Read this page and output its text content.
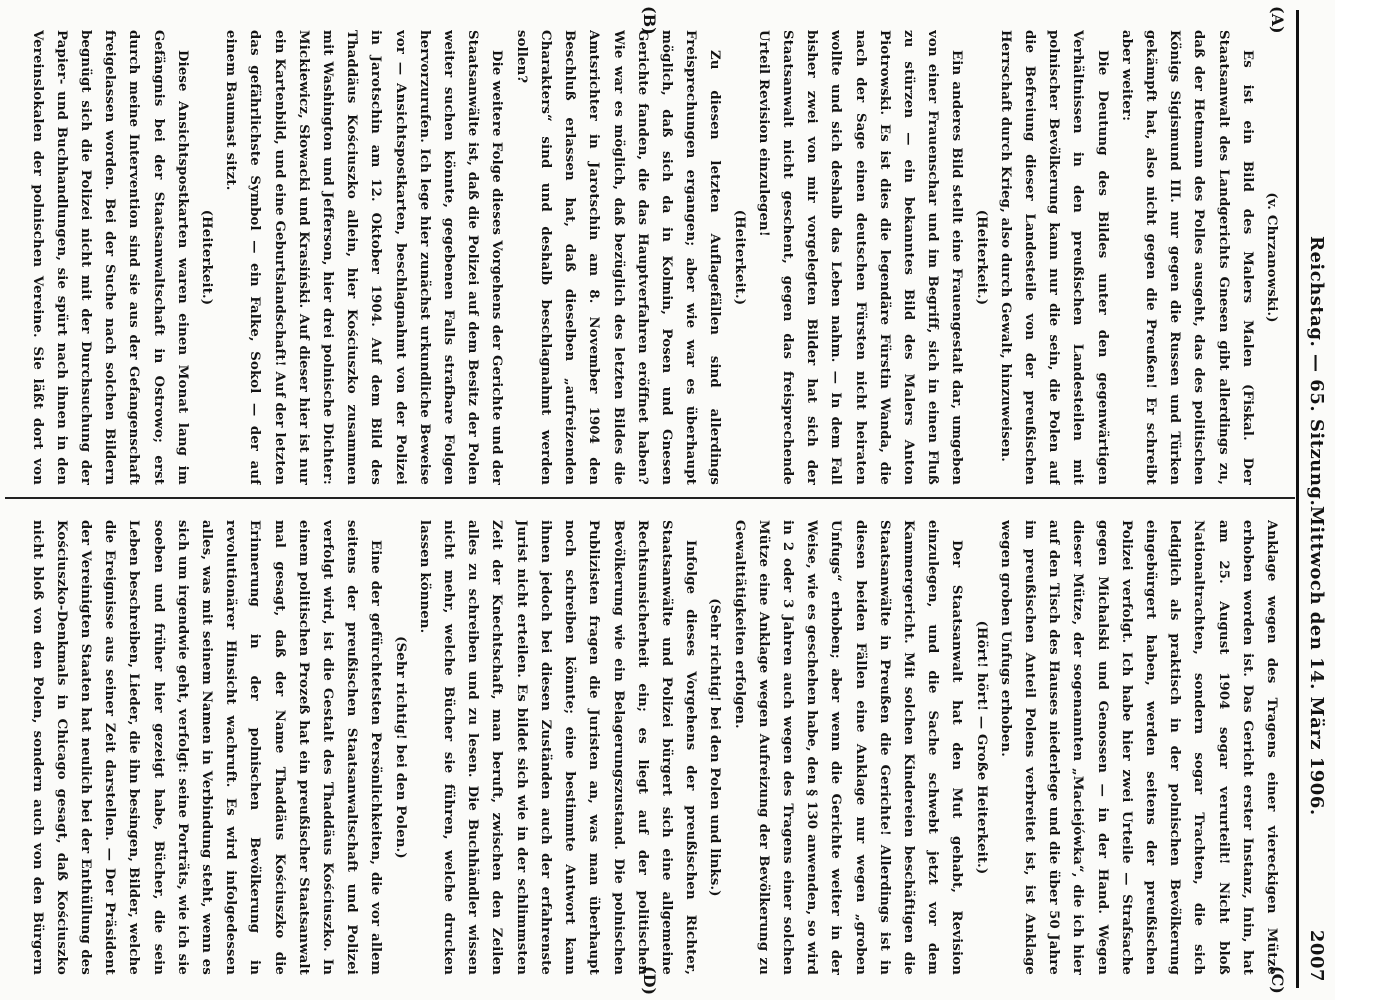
Reichstag. — 65. Sitzung.
Mittwoch den 14. März 1906.
2007
(A)
(B)
(C)
(D)

(v. Chrzanowski.)

Es ist ein Bild des Malers Malen (Fiskal. Der Staatsanwalt des Landgerichts Gnesen gibt allerdings zu, daß der Hetmann des Polles ausgeht, das des politischen Königs Sigismund III. nur gegen die Russen und Türken gekämpft hat, also nicht gegen die Preußen! Er schreibt aber weiter:

Die Deutung des Bildes unter den gegenwärtigen Verhältnissen in den preußischen Landesteilen mit polnischer Bevölkerung kann nur die sein, die Polen auf die Befreiung dieser Landesteile von der preußischen Herrschaft durch Krieg, also durch Gewalt, hinzuweisen.

(Heiterkeit.)

Ein anderes Bild stellt eine Frauengestalt dar, umgeben von einer Frauenschar und im Begriff, sich in einen Fluß zu stürzen — ein bekanntes Bild des Malers Anton Piotrowski. Es ist dies die legendäre Fürstin Wanda, die nach der Sage einen deutschen Fürsten nicht heiraten wollte und sich deshalb das Leben nahm. — In dem Fall bisher zwei von mir vorgelegten Bilder hat sich der Staatsanwalt nicht geschent, gegen das freisprechende Urteil Revision einzulegen!

(Heiterkeit.)

Zu diesen letzten Auflagefällen sind allerdings Freisprechungen ergangen; aber wie war es überhaupt möglich, daß sich da in Kolmin, Posen und Gnesen Gerichte fanden, die das Hauptverfahren eröffnet haben? Wie war es möglich, daß bezüglich des letzten Bildes die Amtsrichter in Jarotschin am 8. November 1904 den Beschluß erlassen hat, daß dieselben „aufreizenden Charakters“ sind und deshalb beschlagnahmt werden sollen?

Die weitere Folge dieses Vorgehens der Gerichte und der Staatsanwälte ist, daß die Polizei auf dem Besitz der Polen weiter suchen könnte, gegebenen Falls strafbare Folgen hervorzurufen. Ich lege hier zunächst urkundliche Beweise vor — Ansichtspostkarten, beschlagnahmt von der Polizei in Jarotschin am 12. Oktober 1904. Auf dem Bild des Thaddäus Kościuszko allein, hier Kościuszko zusammen mit Washington und Jefferson, hier drei polnische Dichter: Mickiewicz, Słowacki und Krasiński. Auf dieser hier ist nur ein Kartenbild, und eine Geburtslandschaft! Auf der letzten das gefährlichste Symbol — ein Falke, Sokol — der auf einem Baumast sitzt.

(Heiterkeit.)

Diese Ansichtspostkarten waren einen Monat lang im Gefängnis bei der Staatsanwaltschaft in Ostrowo; erst durch meine Intervention sind sie aus der Gefangenschaft freigelassen worden. Bei der Suche nach solchen Bildern begnügt sich die Polizei nicht mit der Durchsuchung der Papier- und Buchhandlungen, sie spürt nach ihnen in den Vereinslokalen der polnischen Vereine. Sie läßt dort von

Anklage wegen des Tragens einer viereckigen Mütze erhoben worden ist. Das Gericht erster Instanz, Inin, hat am 25. August 1904 sogar verurteilt! Nicht bloß Nationaltrachten, sondern sogar Trachten, die sich lediglich als praktisch in der polnischen Bevölkerung eingebürgert haben, werden seitens der preußischen Polizei verfolgt. Ich habe hier zwei Urteile — Strafsache gegen Michalski und Genossen — in der Hand. Wegen dieser Mütze, der sogenannten „Maciejówka“, die ich hier auf den Tisch des Hauses niederlege und die über 50 Jahre im preußischen Anteil Polens verbreitet ist, ist Anklage wegen groben Unfugs erhoben.

(Hört! hört! — Große Heiterkeit.)

Der Staatsanwalt hat den Mut gehabt, Revision einzulegen, und die Sache schwebt jetzt vor dem Kammergericht. Mit solchen Kindereien beschäftigen die Staatsanwälte in Preußen die Gerichte! Allerdings ist in diesen beiden Fällen eine Anklage nur wegen „groben Unfugs“ erhoben; aber wenn die Gerichte weiter in der Weise, wie es geschehen habe, den § 130 anwenden, so wird in 2 oder 3 Jahren auch wegen des Tragens einer solchen Mütze eine Anklage wegen Aufreizung der Bevölkerung zu Gewalttätigkeiten erfolgen.

(Sehr richtig! bei den Polen und links.)

Infolge dieses Vorgehens der preußischen Richter, Staatsanwälte und Polizei bürgert sich eine allgemeine Rechtsunsicherheit ein; es liegt auf der politischen Bevölkerung wie ein Belagerungszustand. Die polnischen Publizisten fragen die Juristen an, was man überhaupt noch schreiben könnte; eine bestimmte Antwort kann ihnen jedoch bei diesen Zuständen auch der erfahrenste Jurist nicht erteilen. Es bildet sich wie in der schlimmsten Zeit der Knechtschaft, man beruft, zwischen den Zeilen alles zu schreiben und zu lesen. Die Buchhändler wissen nicht mehr, welche Bücher sie führen, welche drucken lassen können.

(Sehr richtig! bei den Polen.)

Eine der gefürchtetsten Persönlichkeiten, die vor allem seitens der preußischen Staatsanwaltschaft und Polizei verfolgt wird, ist die Gestalt des Thaddäus Kościuszko. In einem politischen Prozeß hat ein preußischer Staatsanwalt mal gesagt, daß der Name Thaddäus Kościuszko die Erinnerung in der polnischen Bevölkerung in revolutionärer Hinsicht wachruft. Es wird infolgedessen alles, was mit seinem Namen in Verbindung steht, wenn es sich um irgendwie geht, verfolgt: seine Porträts, wie ich sie soeben und früher hier gezeigt habe, Bücher, die sein Leben beschreiben, Lieder, die ihn besingen, Bilder, welche die Ereignisse aus seiner Zeit darstellen. — Der Präsident der Vereinigten Staaten hat neulich bei der Enthüllung des Kościuszko-Denkmals in Chicago gesagt, daß Kościuszko nicht bloß von den Polen, sondern auch von den Bürgern
